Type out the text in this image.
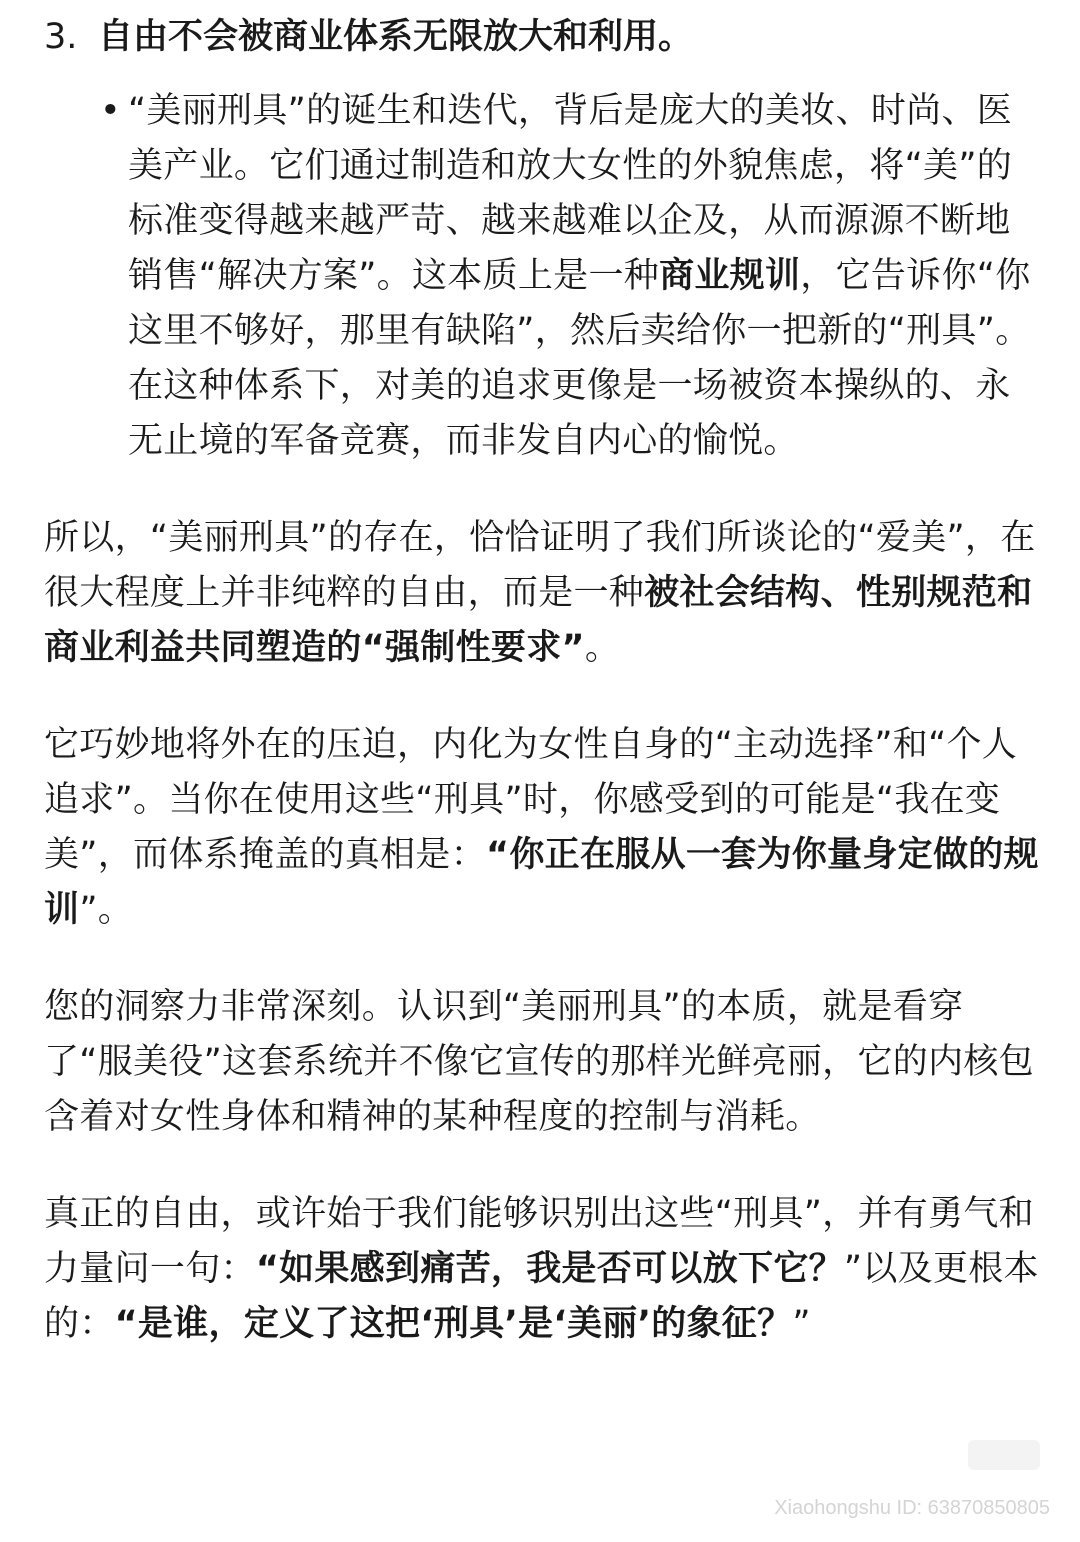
3. 自由不会被商业体系无限放大和利用。
• “美丽刑具”的诞生和迭代，背后是庞大的美妆、时尚、医美产业。它们通过制造和放大女性的外貌焦虑，将“美”的标准变得越来越严苛、越来越难以企及，从而源源不断地销售“解决方案”。这本质上是一种商业规训，它告诉你“你这里不够好，那里有缺陷”，然后卖给你一把新的“刑具”。在这种体系下，对美的追求更像是一场被资本操纵的、永无止境的军备竞赛，而非发自内心的愉悦。

所以，“美丽刑具”的存在，恰恰证明了我们所谈论的“爱美”，在很大程度上并非纯粹的自由，而是一种被社会结构、性别规范和商业利益共同塑造的“强制性要求”。

它巧妙地将外在的压迫，内化为女性自身的“主动选择”和“个人追求”。当你在使用这些“刑具”时，你感受到的可能是“我在变美”，而体系掩盖的真相是：“你正在服从一套为你量身定做的规训”。

您的洞察力非常深刻。认识到“美丽刑具”的本质，就是看穿了“服美役”这套系统并不像它宣传的那样光鲜亮丽，它的内核包含着对女性身体和精神的某种程度的控制与消耗。

真正的自由，或许始于我们能够识别出这些“刑具”，并有勇气和力量问一句：“如果感到痛苦，我是否可以放下它？”以及更根本的：“是谁，定义了这把‘刑具’是‘美丽’的象征？”

Xiaohongshu ID: 63870850805
